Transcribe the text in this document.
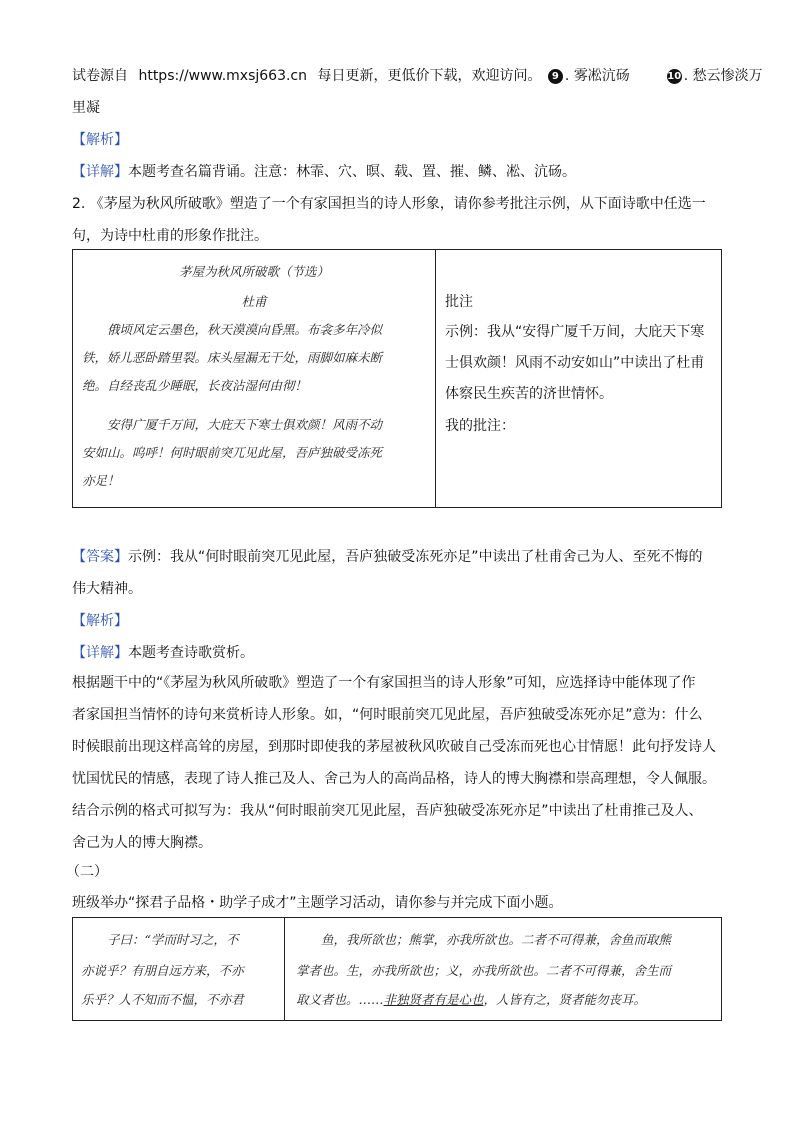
试卷源自 https://www.mxsj663.cn 每日更新，更低价下载，欢迎访问。 9 . 雾凇沆砀	10 . 愁云惨淡万
里凝
【解析】
【详解】本题考查名篇背诵。注意：林霏、穴、暝、载、置、摧、鳞、凇、沆砀。
2. 《茅屋为秋风所破歌》塑造了一个有家国担当的诗人形象，请你参考批注示例，从下面诗歌中任选一
句，为诗中杜甫的形象作批注。
茅屋为秋风所破歌（节选）
杜甫
俄顷风定云墨色，秋天漠漠向昏黑。布衾多年冷似
铁，娇儿恶卧踏里裂。床头屋漏无干处，雨脚如麻未断
绝。自经丧乱少睡眠，长夜沾湿何由彻！
安得广厦千万间，大庇天下寒士俱欢颜！风雨不动
安如山。呜呼！何时眼前突兀见此屋，吾庐独破受冻死
亦足！
批注
示例：我从“安得广厦千万间，大庇天下寒
士俱欢颜！风雨不动安如山”中读出了杜甫
体察民生疾苦的济世情怀。
我的批注：
【答案】示例：我从“何时眼前突兀见此屋，吾庐独破受冻死亦足”中读出了杜甫舍己为人、至死不悔的
伟大精神。
【解析】
【详解】本题考查诗歌赏析。
根据题干中的“《茅屋为秋风所破歌》塑造了一个有家国担当的诗人形象”可知，应选择诗中能体现了作
者家国担当情怀的诗句来赏析诗人形象。如，“何时眼前突兀见此屋，吾庐独破受冻死亦足”意为：什么
时候眼前出现这样高耸的房屋，到那时即使我的茅屋被秋风吹破自己受冻而死也心甘情愿！此句抒发诗人
忧国忧民的情感，表现了诗人推己及人、舍己为人的高尚品格，诗人的博大胸襟和崇高理想，令人佩服。
结合示例的格式可拟写为：我从“何时眼前突兀见此屋，吾庐独破受冻死亦足”中读出了杜甫推己及人、
舍己为人的博大胸襟。
（二）
班级举办“探君子品格・助学子成才”主题学习活动，请你参与并完成下面小题。
子曰：“学而时习之，不
亦说乎？有朋自远方来，不亦
乐乎？人不知而不愠，不亦君
鱼，我所欲也；熊掌，亦我所欲也。二者不可得兼，舍鱼而取熊
掌者也。生，亦我所欲也；义，亦我所欲也。二者不可得兼，舍生而
取义者也。……非独贤者有是心也，人皆有之，贤者能勿丧耳。
